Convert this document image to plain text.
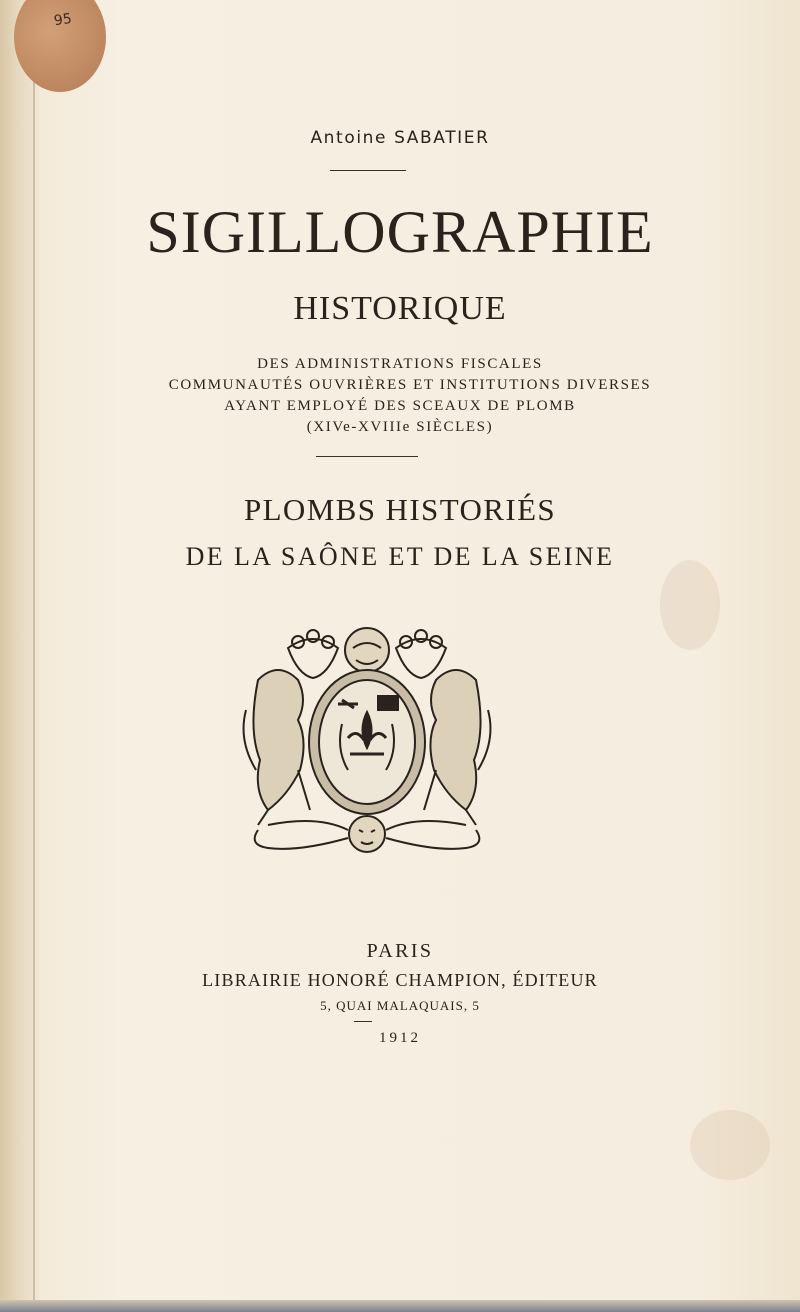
95
Antoine SABATIER
SIGILLOGRAPHIE
HISTORIQUE
DES ADMINISTRATIONS FISCALES
COMMUNAUTÉS OUVRIÈRES ET INSTITUTIONS DIVERSES
AYANT EMPLOYÉ DES SCEAUX DE PLOMB
(XIVe-XVIIIe SIÈCLES)
PLOMBS HISTORIÉS
DE LA SAÔNE ET DE LA SEINE
PARIS
LIBRAIRIE HONORÉ CHAMPION, ÉDITEUR
5, QUAI MALAQUAIS, 5
1912
